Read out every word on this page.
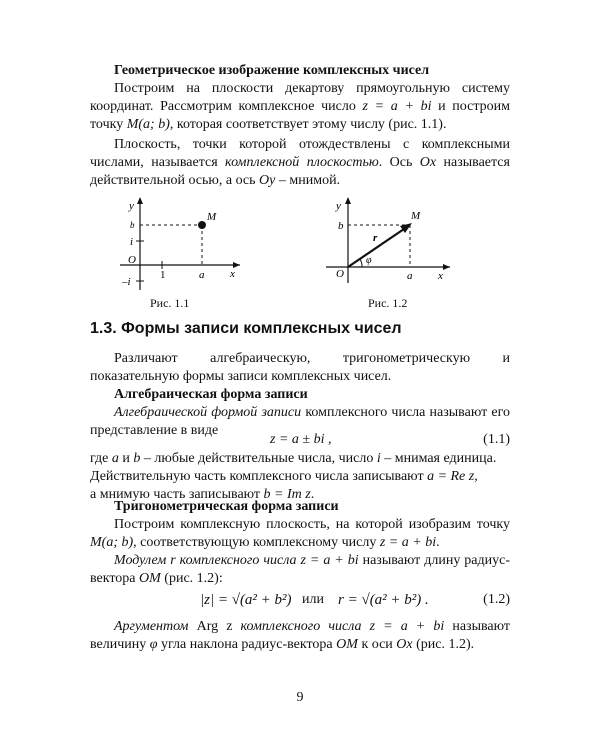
Геометрическое изображение комплексных чисел
Построим на плоскости декартову прямоугольную систему координат. Рассмотрим комплексное число z = a + bi и построим точку M(a; b), которая соответствует этому числу (рис. 1.1).
Плоскость, точки которой отождествлены с комплексными числами, называется комплексной плоскостью. Ось Ox называется действительной осью, а ось Oy – мнимой.
y
b
i
O
–i
1	a x
M
Рис. 1.1
y
b
O	a x
M
r
φ
Рис. 1.2
1.3. Формы записи комплексных чисел
Различают алгебраическую, тригонометрическую и показательную формы записи комплексных чисел.
Алгебраическая форма записи
Алгебраической формой записи комплексного числа называют его представление в виде
z = a ± bi ,	(1.1)
где a и b – любые действительные числа, число i – мнимая единица.
Действительную часть комплексного числа записывают a = Re z,
а мнимую часть записывают b = Im z.
Тригонометрическая форма записи
Построим комплексную плоскость, на которой изобразим точку M(a; b), соответствующую комплексному числу z = a + bi.
Модулем r комплексного числа z = a + bi называют длину радиус-вектора OM (рис. 1.2):
|z| = √(a² + b²) или r = √(a² + b²) .	(1.2)
Аргументом Arg z комплексного числа z = a + bi называют величину φ угла наклона радиус-вектора OM к оси Ox (рис. 1.2).
9
